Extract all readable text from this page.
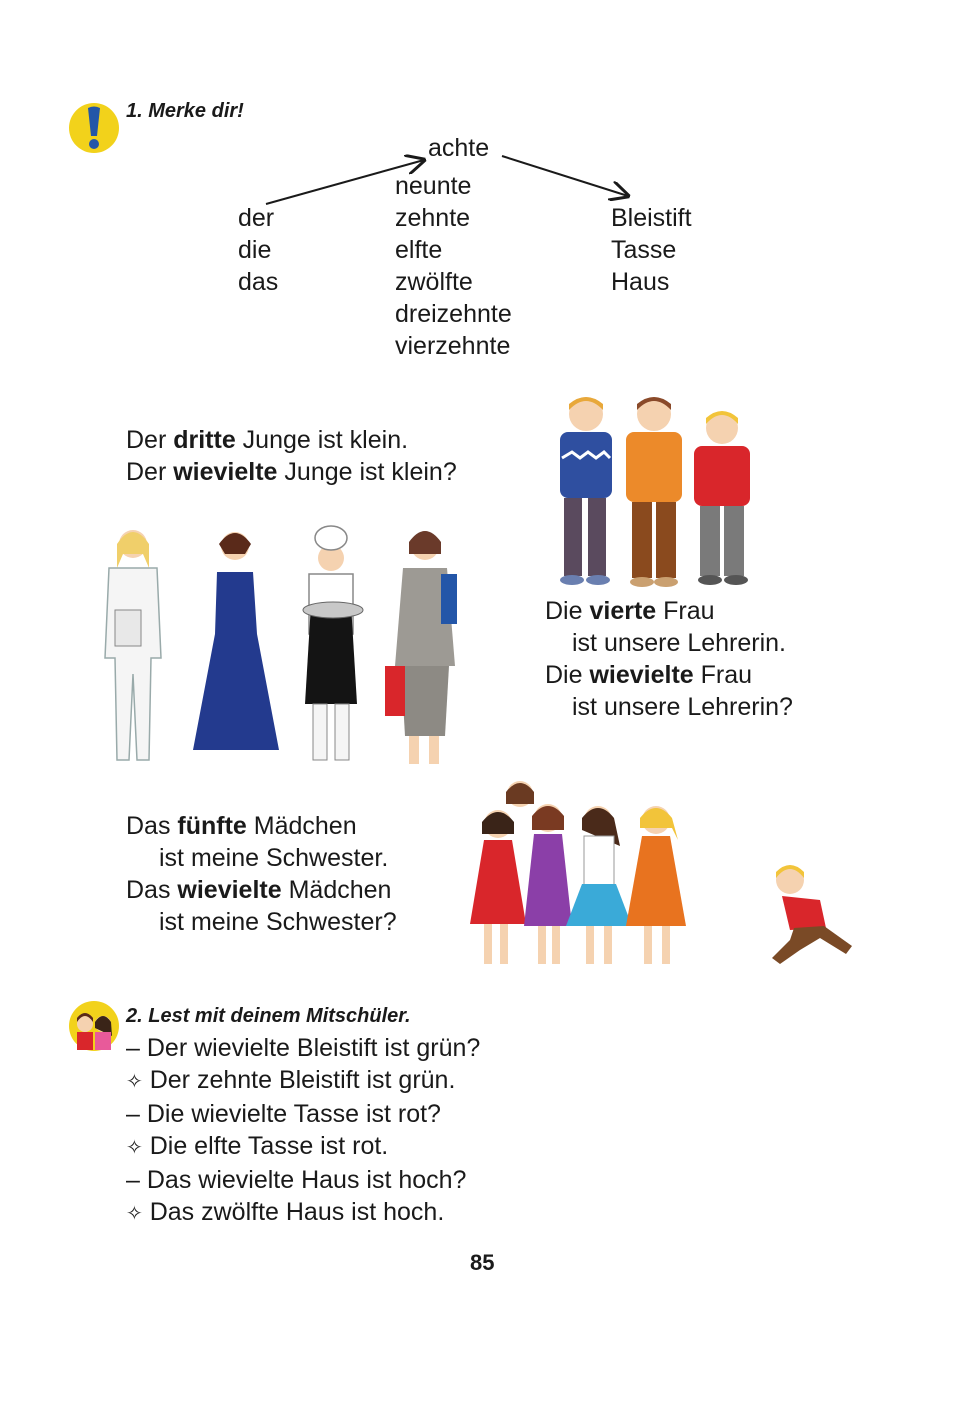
1. Merke dir!
achte
der
die
das
neunte
zehnte
elfte
zwölfte
dreizehnte
vierzehnte
Bleistift
Tasse
Haus
Der dritte Junge ist klein.
Der wievielte Junge ist klein?
Die vierte Frau
ist unsere Lehrerin.
Die wievielte Frau
ist unsere Lehrerin?
Das fünfte Mädchen
ist meine Schwester.
Das wievielte Mädchen
ist meine Schwester?
2. Lest mit deinem Mitschüler.
– Der wievielte Bleistift ist grün?
✧ Der zehnte Bleistift ist grün.
– Die wievielte Tasse ist rot?
✧ Die elfte Tasse ist rot.
– Das wievielte Haus ist hoch?
✧ Das zwölfte Haus ist hoch.
85
